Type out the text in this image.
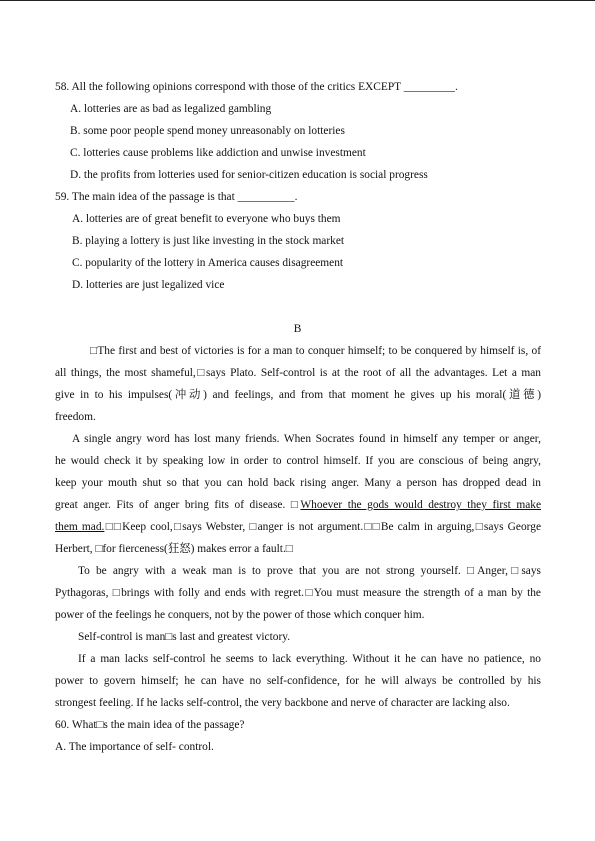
58. All the following opinions correspond with those of the critics EXCEPT _________.
A. lotteries are as bad as legalized gambling
B. some poor people spend money unreasonably on lotteries
C. lotteries cause problems like addiction and unwise investment
D. the profits from lotteries used for senior-citizen education is social progress
59. The main idea of the passage is that __________.
A. lotteries are of great benefit to everyone who buys them
B. playing a lottery is just like investing in the stock market
C. popularity of the lottery in America causes disagreement
D. lotteries are just legalized vice
B
□The first and best of victories is for a man to conquer himself; to be conquered by himself is, of
all things, the most shameful,□says Plato. Self-control is at the root of all the advantages. Let a man
give in to his impulses(冲动) and feelings, and from that moment he gives up his moral(道德)
freedom.
A single angry word has lost many friends. When Socrates found in himself any temper or anger,
he would check it by speaking low in order to control himself. If you are conscious of being angry,
keep your mouth shut so that you can hold back rising anger. Many a person has dropped dead in
great anger. Fits of anger bring fits of disease. □Whoever the gods would destroy they first make
them mad.□□Keep cool,□says Webster, □anger is not argument.□□Be calm in arguing,□says George
Herbert, □for fierceness(狂怒) makes error a fault.□
To be angry with a weak man is to prove that you are not strong yourself. □Anger,□says
Pythagoras, □brings with folly and ends with regret.□You must measure the strength of a man by the
power of the feelings he conquers, not by the power of those which conquer him.
Self-control is man□s last and greatest victory.
If a man lacks self-control he seems to lack everything. Without it he can have no patience, no
power to govern himself; he can have no self-confidence, for he will always be controlled by his
strongest feeling. If he lacks self-control, the very backbone and nerve of character are lacking also.
60. What□s the main idea of the passage?
A. The importance of self- control.
